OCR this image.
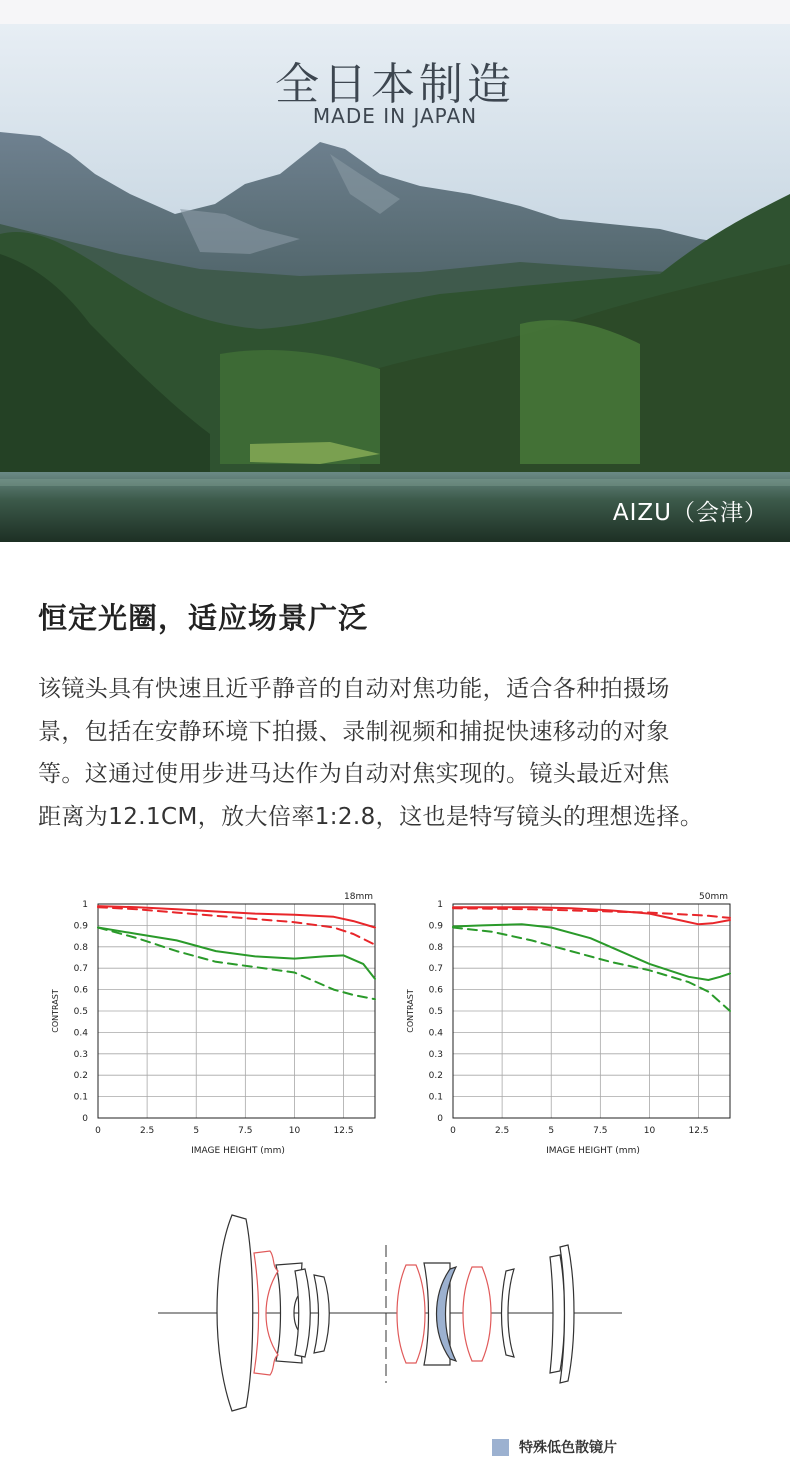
全日本制造
MADE IN JAPAN
AIZU（会津）
恒定光圈，适应场景广泛
该镜头具有快速且近乎静音的自动对焦功能，适合各种拍摄场
景，包括在安静环境下拍摄、录制视频和捕捉快速移动的对象
等。这通过使用步进马达作为自动对焦实现的。镜头最近对焦
距离为12.1CM，放大倍率1:2.8，这也是特写镜头的理想选择。
0
0.1
0.2
0.3
0.4
0.5
0.6
0.7
0.8
0.9
1
0	2.5	5	7.5	10	12.5
18mm
IMAGE HEIGHT (mm)
CONTRAST
0
0.1
0.2
0.3
0.4
0.5
0.6
0.7
0.8
0.9
1
0	2.5	5	7.5	10	12.5
50mm
IMAGE HEIGHT (mm)
CONTRAST
特殊低色散镜片
